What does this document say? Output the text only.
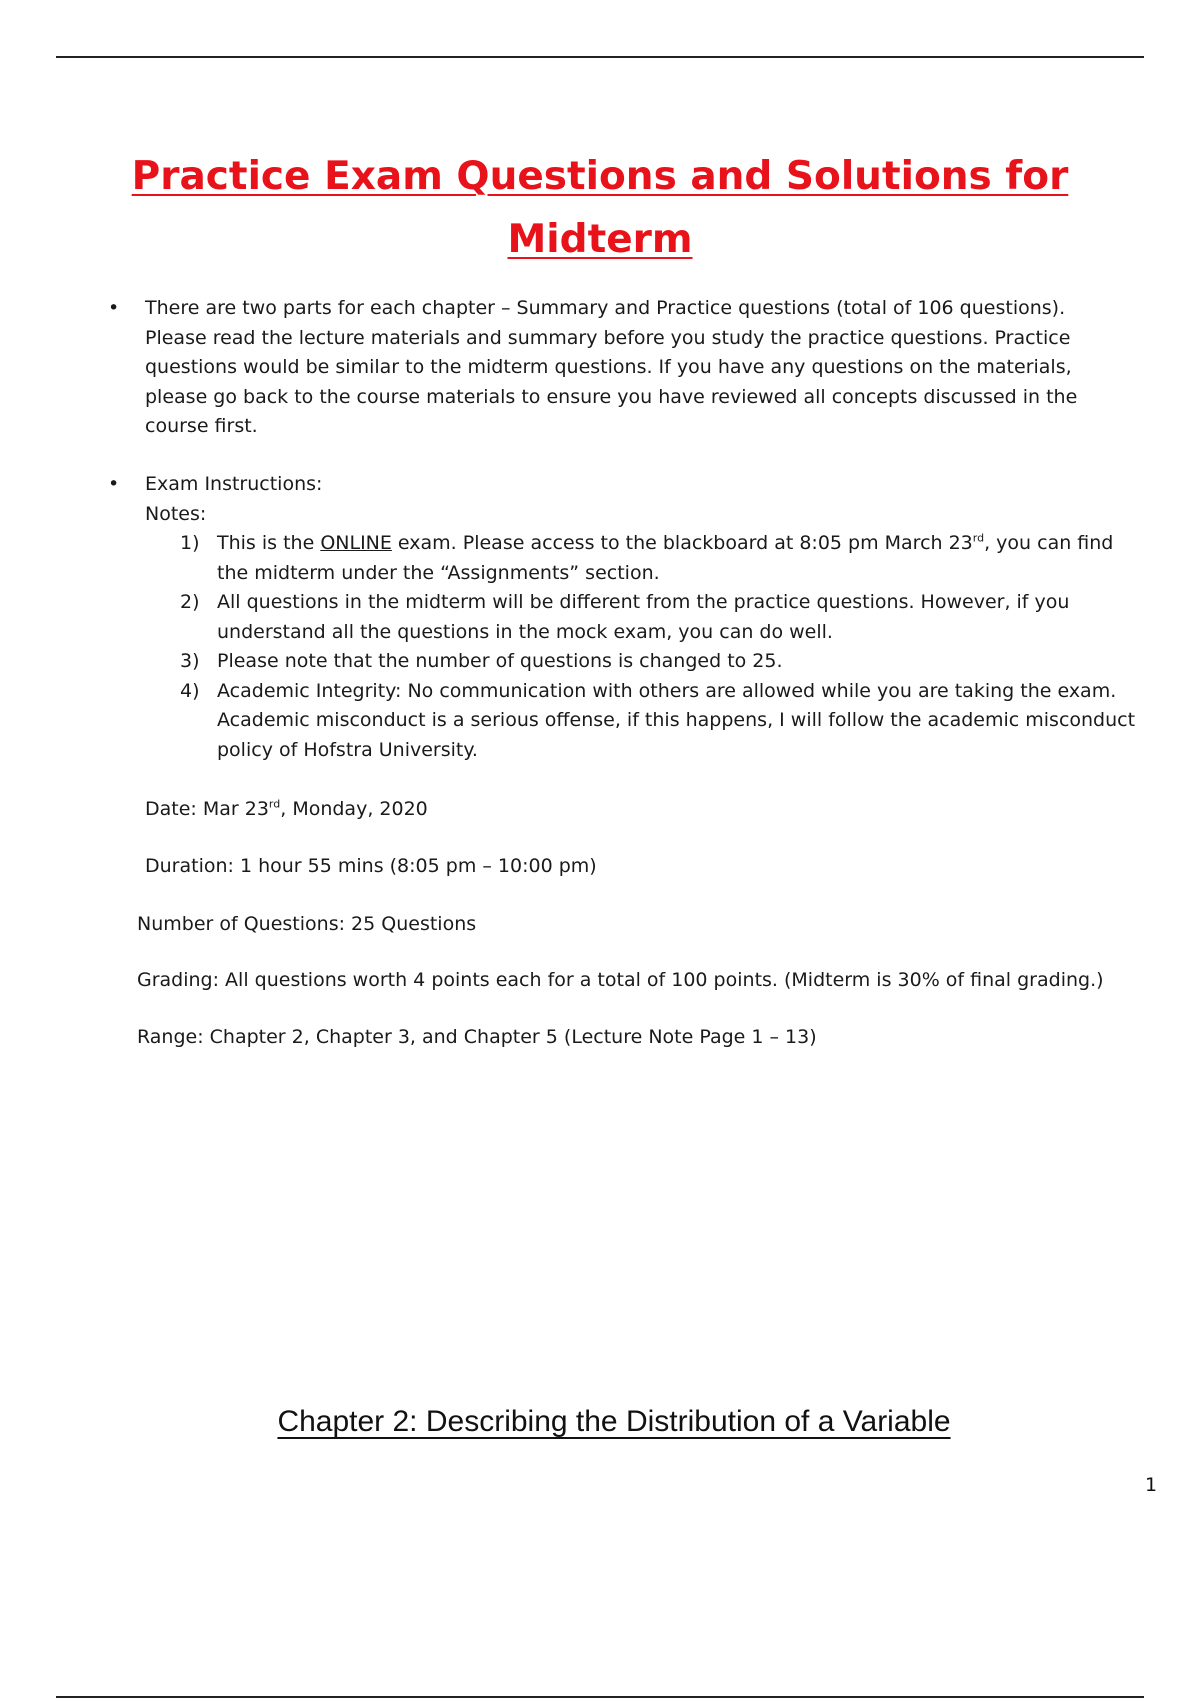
Practice Exam Questions and Solutions for
Midterm
• There are two parts for each chapter – Summary and Practice questions (total of 106 questions).
Please read the lecture materials and summary before you study the practice questions. Practice
questions would be similar to the midterm questions. If you have any questions on the materials,
please go back to the course materials to ensure you have reviewed all concepts discussed in the
course first.
• Exam Instructions:
Notes:
1) This is the ONLINE exam. Please access to the blackboard at 8:05 pm March 23rd, you can find
the midterm under the “Assignments” section.
2) All questions in the midterm will be different from the practice questions. However, if you
understand all the questions in the mock exam, you can do well.
3) Please note that the number of questions is changed to 25.
4) Academic Integrity: No communication with others are allowed while you are taking the exam.
Academic misconduct is a serious offense, if this happens, I will follow the academic misconduct
policy of Hofstra University.
Date: Mar 23rd, Monday, 2020
Duration: 1 hour 55 mins (8:05 pm – 10:00 pm)
Number of Questions: 25 Questions
Grading: All questions worth 4 points each for a total of 100 points. (Midterm is 30% of final grading.)
Range: Chapter 2, Chapter 3, and Chapter 5 (Lecture Note Page 1 – 13)
Chapter 2: Describing the Distribution of a Variable
1
